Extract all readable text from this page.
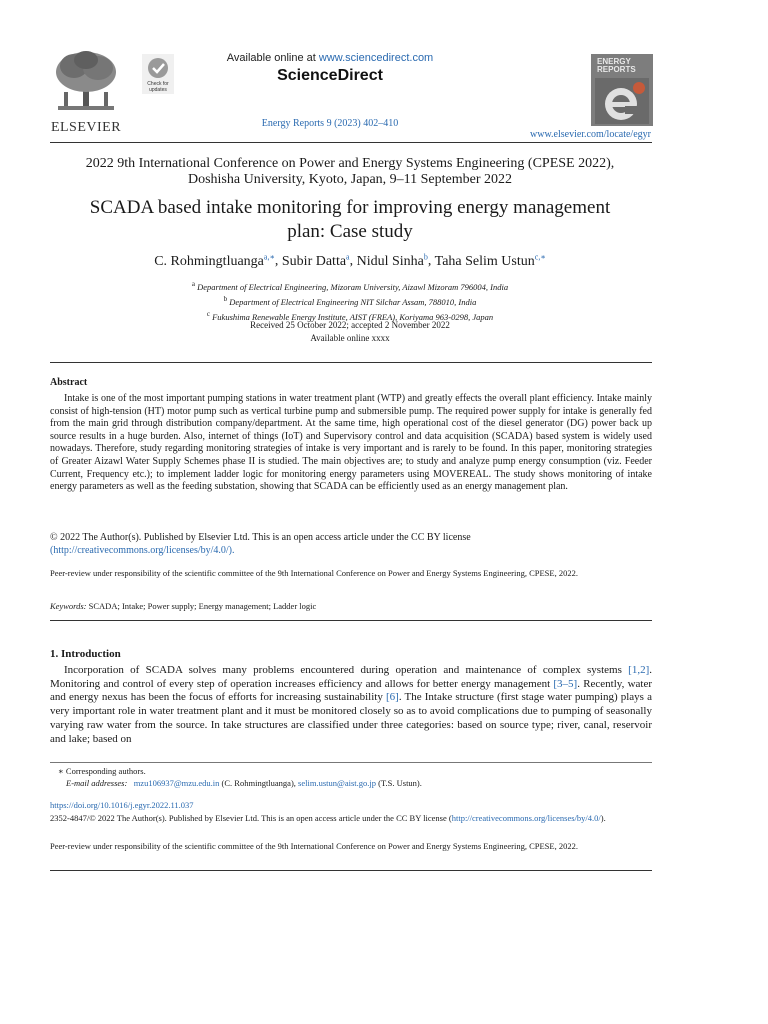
ELSEVIER
Check for
updates
Available online at www.sciencedirect.com
ScienceDirect
Energy Reports 9 (2023) 402–410
ENERGY
REPORTS
www.elsevier.com/locate/egyr
2022 9th International Conference on Power and Energy Systems Engineering (CPESE 2022),
Doshisha University, Kyoto, Japan, 9–11 September 2022
SCADA based intake monitoring for improving energy management
plan: Case study
C. Rohmingtluanga$^{a,∗}$, Subir Datta$^a$, Nidul Sinha$^b$, Taha Selim Ustun$^{c,∗}$
$^a$ Department of Electrical Engineering, Mizoram University, Aizawl Mizoram 796004, India
$^b$ Department of Electrical Engineering NIT Silchar Assam, 788010, India
$^c$ Fukushima Renewable Energy Institute, AIST (FREA), Koriyama 963-0298, Japan
Received 25 October 2022; accepted 2 November 2022
Available online xxxx
Abstract
Intake is one of the most important pumping stations in water treatment plant (WTP) and greatly effects the overall plant efficiency. Intake mainly consist of high-tension (HT) motor pump such as vertical turbine pump and submersible pump. The required power supply for intake is generally fed from the main grid through distribution company/department. At the same time, high operational cost of the diesel generator (DG) power back up source results in a huge burden. Also, internet of things (IoT) and Supervisory control and data acquisition (SCADA) based system is widely used nowadays. Therefore, study regarding monitoring strategies of intake is very important and is rarely to be found. In this paper, monitoring strategies of Greater Aizawl Water Supply Schemes phase II is studied. The main objectives are; to study and analyze pump energy consumption (viz. Feeder Current, Frequency etc.); to implement ladder logic for monitoring energy parameters using MOVEREAL. The study shows monitoring of intake energy parameters as well as the feeding substation, showing that SCADA can be efficiently used as an energy management plan.
© 2022 The Author(s). Published by Elsevier Ltd. This is an open access article under the CC BY license
(http://creativecommons.org/licenses/by/4.0/).
Peer-review under responsibility of the scientific committee of the 9th International Conference on Power and Energy Systems Engineering, CPESE, 2022.
Keywords: SCADA; Intake; Power supply; Energy management; Ladder logic
1. Introduction
Incorporation of SCADA solves many problems encountered during operation and maintenance of complex systems [1,2]. Monitoring and control of every step of operation increases efficiency and allows for better energy management [3–5]. Recently, water and energy nexus has been the focus of efforts for increasing sustainability [6]. The Intake structure (first stage water pumping) plays a very important role in water treatment plant and it must be monitored closely so as to avoid complications due to pumping of seasonally varying raw water from the source. In take structures are classified under three categories: based on source type; river, canal, reservoir and lake; based on
∗ Corresponding authors.
E-mail addresses: mzu106937@mzu.edu.in (C. Rohmingtluanga), selim.ustun@aist.go.jp (T.S. Ustun).
https://doi.org/10.1016/j.egyr.2022.11.037
2352-4847/© 2022 The Author(s). Published by Elsevier Ltd. This is an open access article under the CC BY license (http://creativecommons.org/licenses/by/4.0/).
Peer-review under responsibility of the scientific committee of the 9th International Conference on Power and Energy Systems Engineering, CPESE, 2022.
